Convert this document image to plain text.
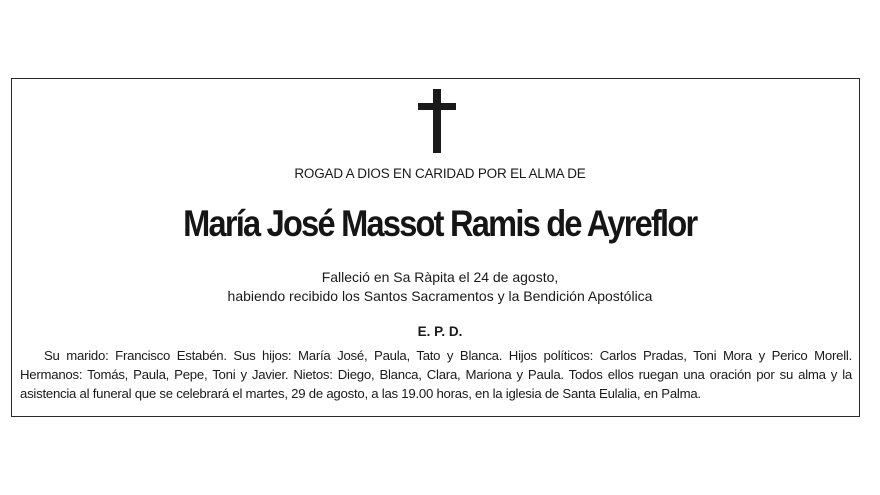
ROGAD A DIOS EN CARIDAD POR EL ALMA DE
María José Massot Ramis de Ayreflor
Falleció en Sa Ràpita el 24 de agosto,
habiendo recibido los Santos Sacramentos y la Bendición Apostólica
E. P. D.
Su marido: Francisco Estabén. Sus hijos: María José, Paula, Tato y Blanca. Hijos políticos: Carlos Pradas, Toni Mora y Perico Morell. Hermanos: Tomás, Paula, Pepe, Toni y Javier. Nietos: Diego, Blanca, Clara, Mariona y Paula. Todos ellos ruegan una oración por su alma y la asistencia al funeral que se celebrará el martes, 29 de agosto, a las 19.00 horas, en la iglesia de Santa Eulalia, en Palma.
